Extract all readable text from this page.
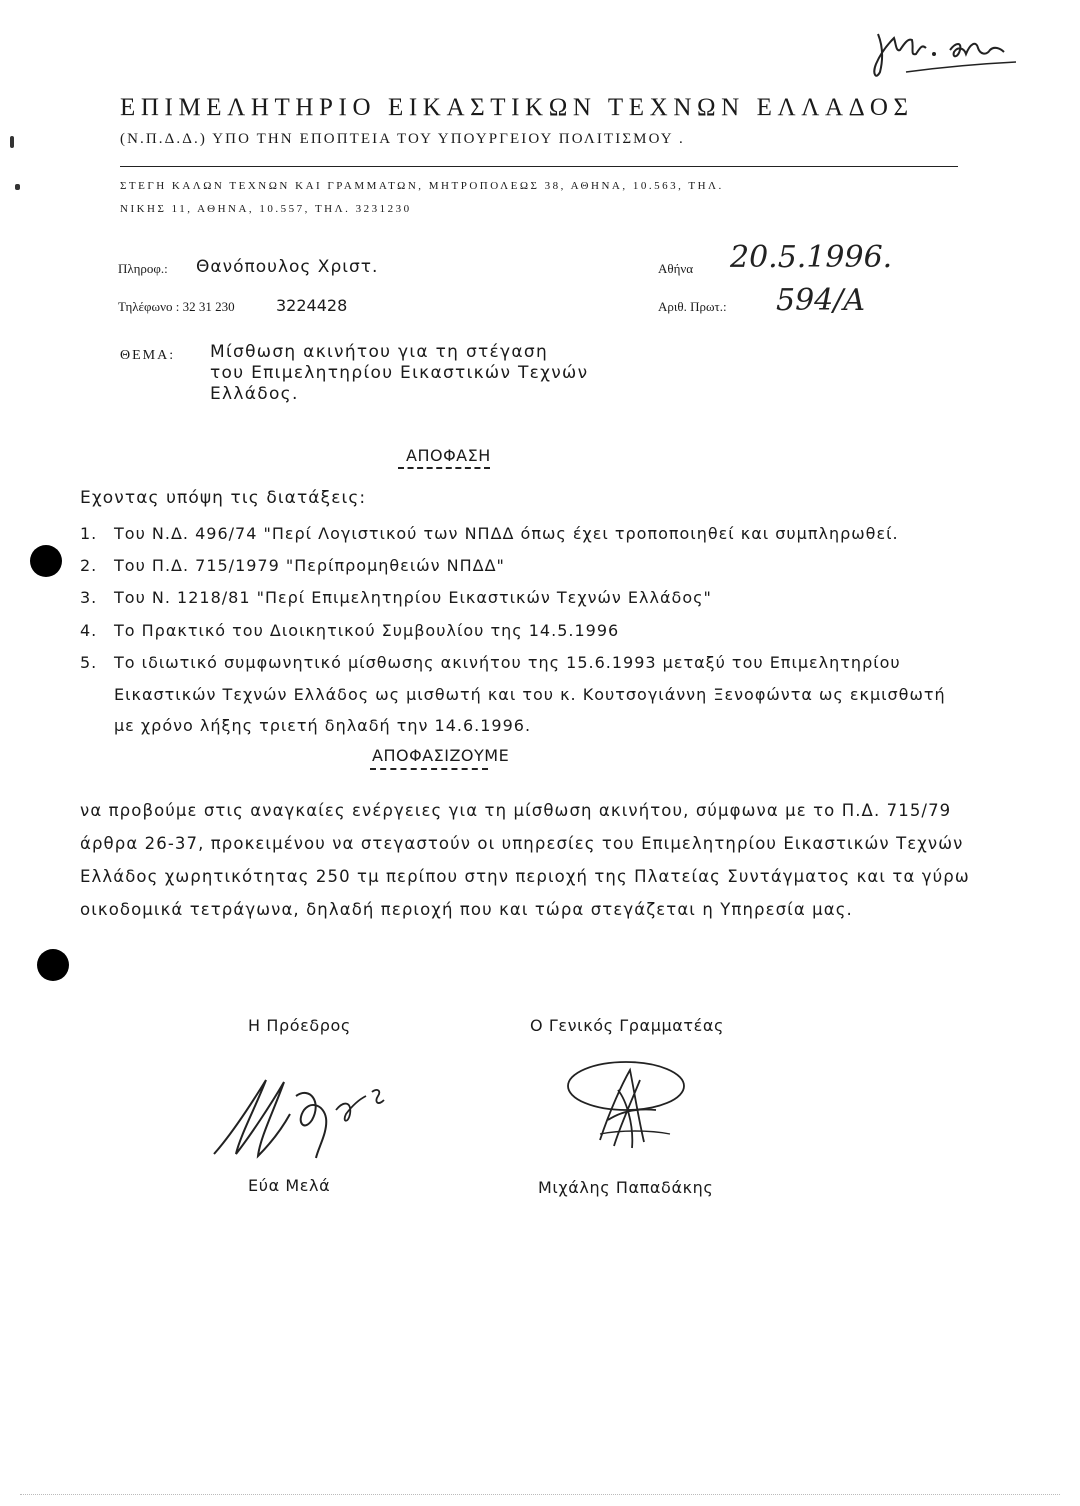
ΕΠΙΜΕΛΗΤΗΡΙΟ ΕΙΚΑΣΤΙΚΩΝ ΤΕΧΝΩΝ ΕΛΛΑΔΟΣ
(Ν.Π.Δ.Δ.) ΥΠΟ ΤΗΝ ΕΠΟΠΤΕΙΑ ΤΟΥ ΥΠΟΥΡΓΕΙΟΥ ΠΟΛΙΤΙΣΜΟΥ .
ΣΤΕΓΗ ΚΑΛΩΝ ΤΕΧΝΩΝ ΚΑΙ ΓΡΑΜΜΑΤΩΝ, ΜΗΤΡΟΠΟΛΕΩΣ 38, ΑΘΗΝΑ, 10.563, ΤΗΛ.
ΝΙΚΗΣ 11, ΑΘΗΝΑ, 10.557, ΤΗΛ. 3231230
Πληροφ.: Θανόπουλος Χριστ.
Τηλέφωνο : 32 31 230	3224428
Αθήνα 20.5.1996.
Αριθ. Πρωτ.: 594/Α
ΘΕΜΑ: Μίσθωση ακινήτου για τη στέγαση
του Επιμελητηρίου Εικαστικών Τεχνών
Ελλάδος.
ΑΠΟΦΑΣΗ
Εχοντας υπόψη τις διατάξεις:
1. Του Ν.Δ. 496/74 "Περί Λογιστικού των ΝΠΔΔ όπως έχει τροποποιηθεί και συμπληρωθεί.
2. Του Π.Δ. 715/1979 "Περίπρομηθειών ΝΠΔΔ"
3. Του Ν. 1218/81 "Περί Επιμελητηρίου Εικαστικών Τεχνών Ελλάδος"
4. Το Πρακτικό του Διοικητικού Συμβουλίου της 14.5.1996
5. Το ιδιωτικό συμφωνητικό μίσθωσης ακινήτου της 15.6.1993 μεταξύ του Επιμελητηρίου
Εικαστικών Τεχνών Ελλάδος ως μισθωτή και του κ. Κουτσογιάννη Ξενοφώντα ως εκμισθωτή
με χρόνο λήξης τριετή δηλαδή την 14.6.1996.
ΑΠΟΦΑΣΙΖΟΥΜΕ
να προβούμε στις αναγκαίες ενέργειες για τη μίσθωση ακινήτου, σύμφωνα με το Π.Δ. 715/79
άρθρα 26-37, προκειμένου να στεγαστούν οι υπηρεσίες του Επιμελητηρίου Εικαστικών Τεχνών
Ελλάδος χωρητικότητας 250 τμ περίπου στην περιοχή της Πλατείας Συντάγματος και τα γύρω
οικοδομικά τετράγωνα, δηλαδή περιοχή που και τώρα στεγάζεται η Υπηρεσία μας.
Η Πρόεδρος	Ο Γενικός Γραμματέας
Εύα Μελά	Μιχάλης Παπαδάκης
